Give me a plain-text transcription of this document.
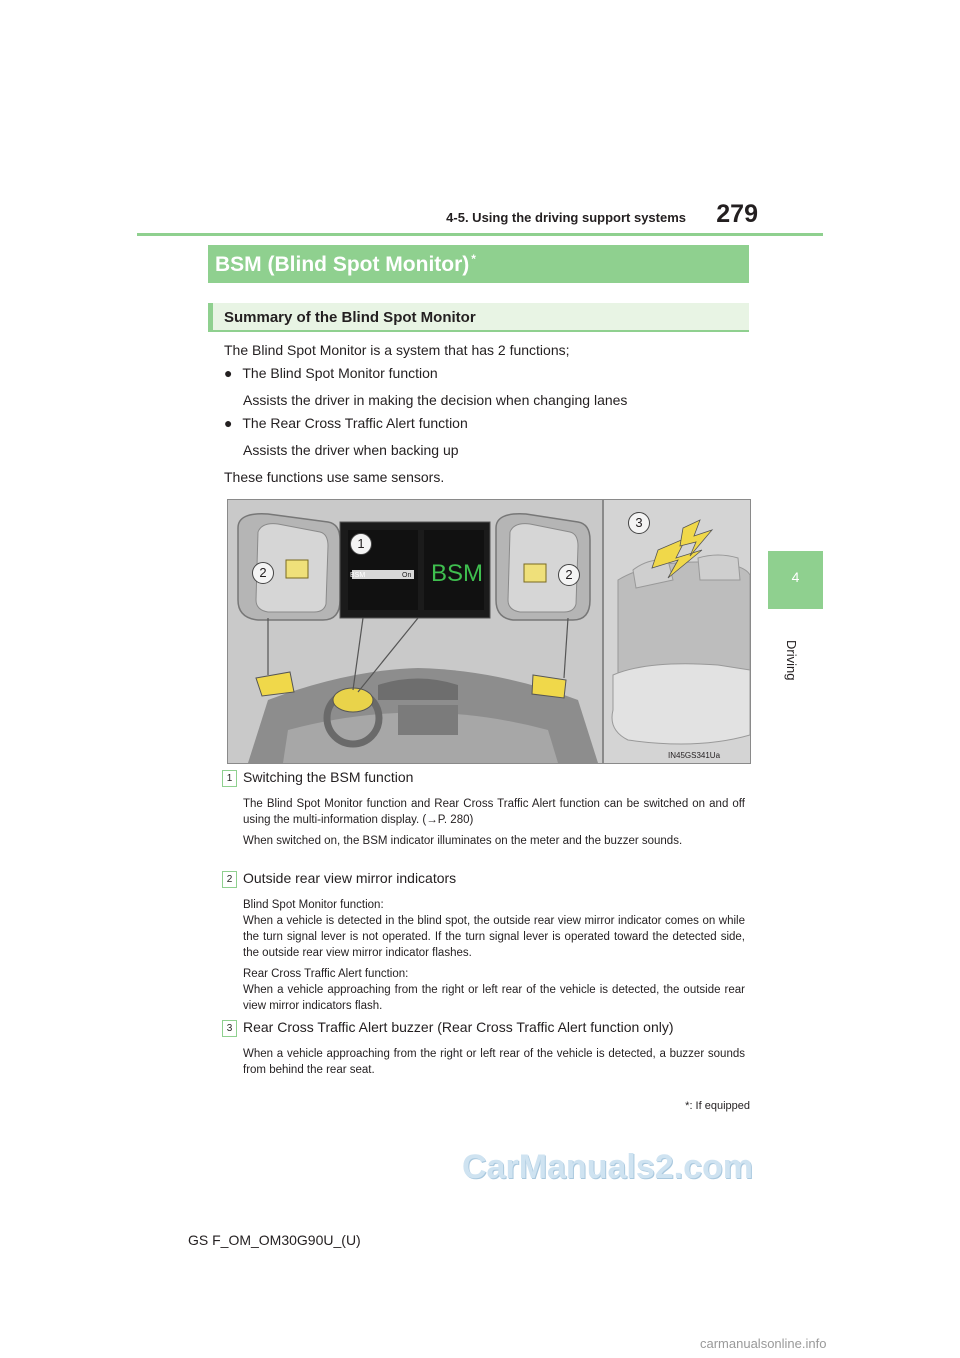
4-5. Using the driving support systems	279
4
Driving
BSM (Blind Spot Monitor) *
Summary of the Blind Spot Monitor
The Blind Spot Monitor is a system that has 2 functions;
● The Blind Spot Monitor function
Assists the driver in making the decision when changing lanes
● The Rear Cross Traffic Alert function
Assists the driver when backing up
These functions use same sensors.
BSM	On BSM
1
2	2
3
IN45GS341Ua
1 Switching the BSM function
The Blind Spot Monitor function and Rear Cross Traffic Alert function can be switched on and off using the multi-information display. (→P. 280)
When switched on, the BSM indicator illuminates on the meter and the buzzer sounds.
2 Outside rear view mirror indicators
Blind Spot Monitor function:
When a vehicle is detected in the blind spot, the outside rear view mirror indicator comes on while the turn signal lever is not operated. If the turn signal lever is operated toward the detected side, the outside rear view mirror indicator flashes.
Rear Cross Traffic Alert function:
When a vehicle approaching from the right or left rear of the vehicle is detected, the outside rear view mirror indicators flash.
3 Rear Cross Traffic Alert buzzer (Rear Cross Traffic Alert function only)
When a vehicle approaching from the right or left rear of the vehicle is detected, a buzzer sounds from behind the rear seat.
*: If equipped
GS F_OM_OM30G90U_(U)
CarManuals2.com
carmanualsonline.info
